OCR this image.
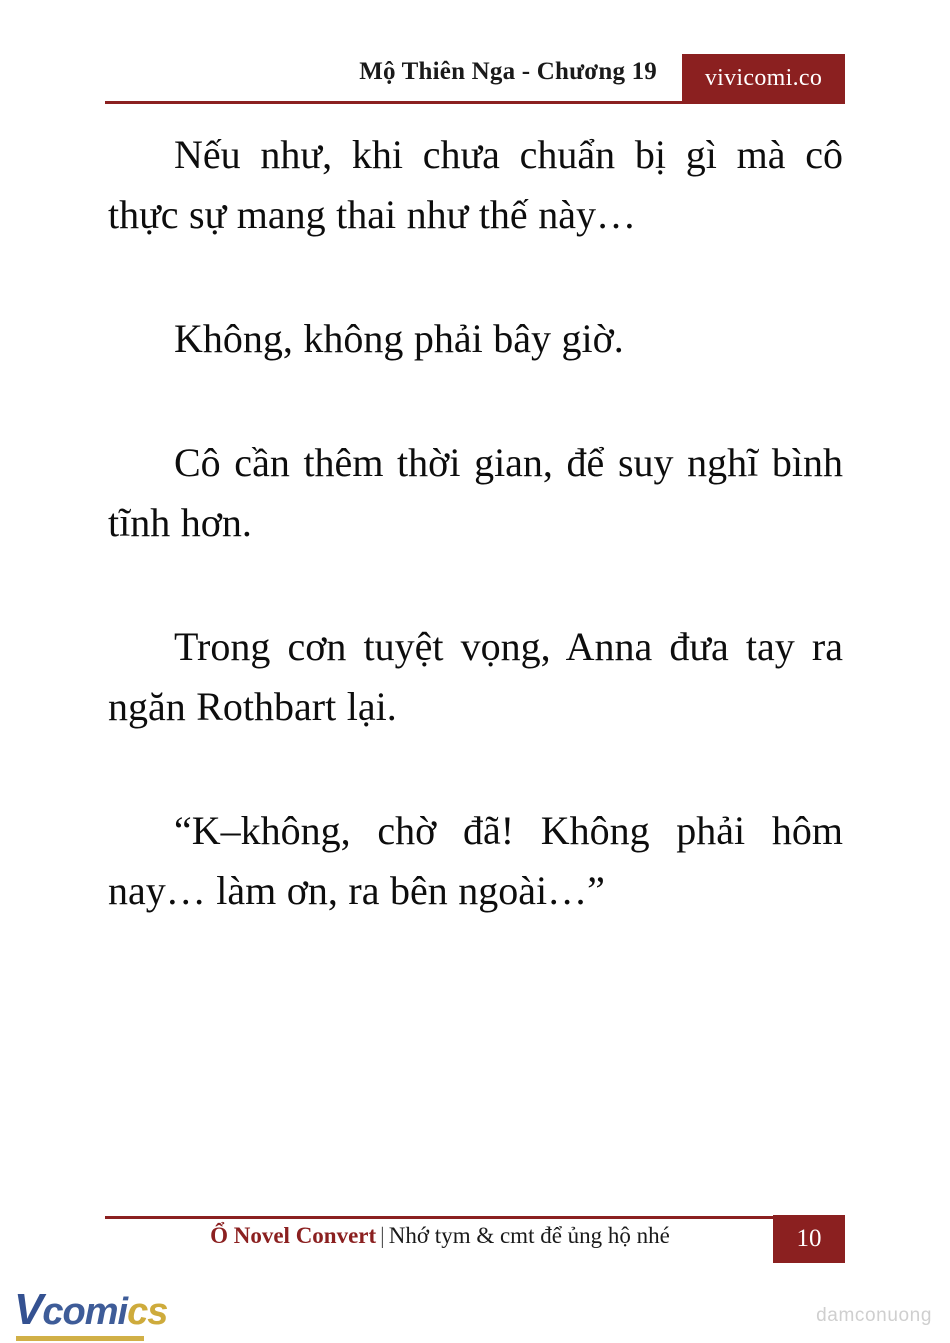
Mộ Thiên Nga - Chương 19	vivicomi.co

Nếu như, khi chưa chuẩn bị gì mà cô thực sự mang thai như thế này…

Không, không phải bây giờ.

Cô cần thêm thời gian, để suy nghĩ bình tĩnh hơn.

Trong cơn tuyệt vọng, Anna đưa tay ra ngăn Rothbart lại.

“K–không, chờ đã! Không phải hôm nay… làm ơn, ra bên ngoài…”

Ổ Novel Convert | Nhớ tym & cmt để ủng hộ nhé	10
Vcomics	damconuong
